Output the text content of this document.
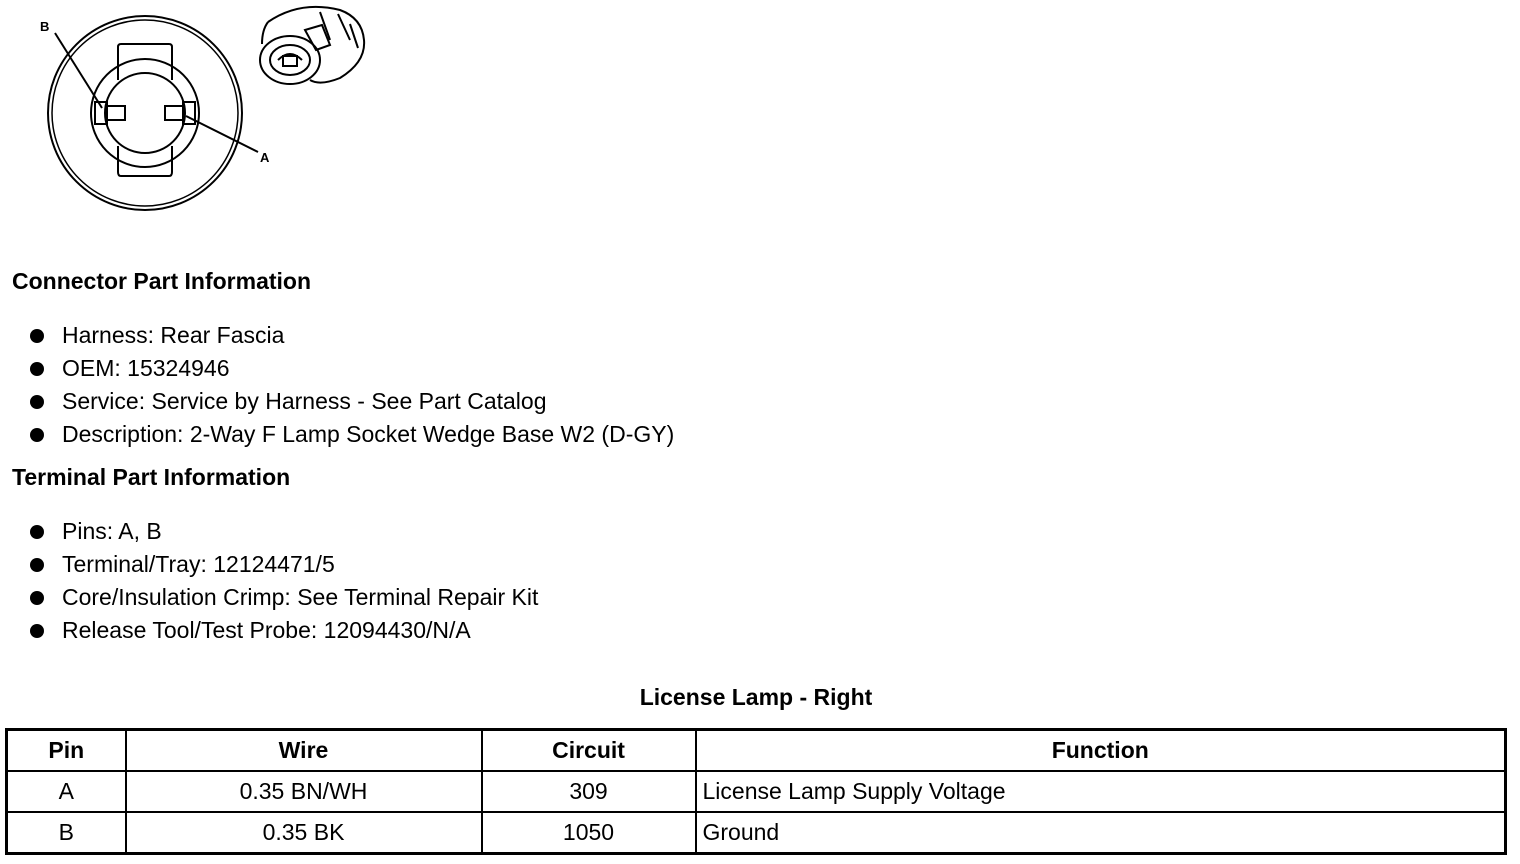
B
A
Connector Part Information
Harness: Rear Fascia
OEM: 15324946
Service: Service by Harness - See Part Catalog
Description: 2-Way F Lamp Socket Wedge Base W2 (D-GY)
Terminal Part Information
Pins: A, B
Terminal/Tray: 12124471/5
Core/Insulation Crimp: See Terminal Repair Kit
Release Tool/Test Probe: 12094430/N/A
License Lamp - Right
Pin	Wire	Circuit	Function
A	0.35 BN/WH	309	License Lamp Supply Voltage
B	0.35 BK	1050	Ground
